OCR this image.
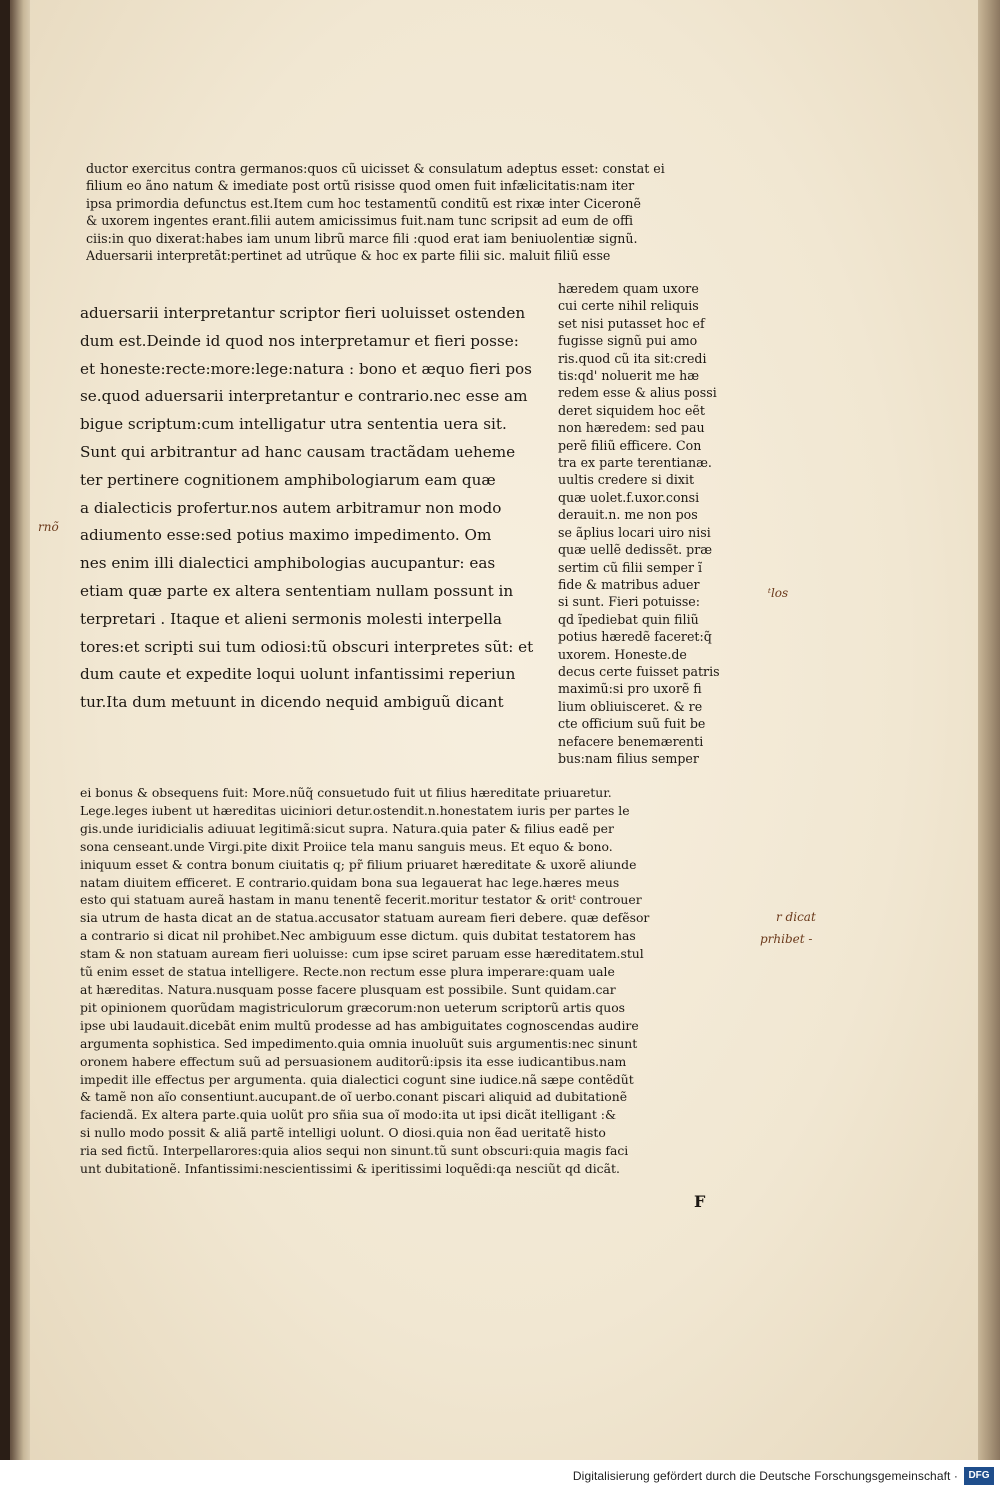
ductor exercitus contra germanos:quos cũ uicisset & consulatum adeptus esset: constat ei
filium eo ãno natum & imediate post ortũ risisse quod omen fuit infælicitatis:nam iter
ipsa primordia defunctus est.Item cum hoc testamentũ conditũ est rixæ inter Ciceronẽ
& uxorem ingentes erant.filii autem amicissimus fuit.nam tunc scripsit ad eum de offi
ciis:in quo dixerat:habes iam unum librũ marce fili :quod erat iam beniuolentiæ signũ.
Aduersarii interpretãt:pertinet ad utrũque & hoc ex parte filii sic. maluit filiũ esse
aduersarii interpretantur scriptor fieri uoluisset ostenden
dum est.Deinde id quod nos interpretamur et fieri posse:
et honeste:recte:more:lege:natura : bono et æquo fieri pos
se.quod aduersarii interpretantur e contrario.nec esse am
bigue scriptum:cum intelligatur utra sententia uera sit.
Sunt qui arbitrantur ad hanc causam tractãdam ueheme
ter pertinere cognitionem amphibologiarum eam quæ
a dialecticis profertur.nos autem arbitramur non modo
adiumento esse:sed potius maximo impedimento. Om
nes enim illi dialectici amphibologias aucupantur: eas
etiam quæ parte ex altera sententiam nullam possunt in
terpretari . Itaque et alieni sermonis molesti interpella
tores:et scripti sui tum odiosi:tũ obscuri interpretes sũt: et
dum caute et expedite loqui uolunt infantissimi reperiun
tur.Ita dum metuunt in dicendo nequid ambiguũ dicant
hæredem quam uxore
cui certe nihil reliquis
set nisi putasset hoc ef
fugisse signũ pui amo
ris.quod cũ ita sit:credi
tis:qd' noluerit me hæ
redem esse & alius possi
deret siquidem hoc eẽt
non hæredem: sed pau
perẽ filiũ efficere. Con
tra ex parte terentianæ.
uultis credere si dixit
quæ uolet.f.uxor.consi
derauit.n. me non pos
se ãplius locari uiro nisi
quæ uellẽ dedissẽt. præ
sertim cũ filii semper ĩ
fide & matribus aduer
si sunt. Fieri potuisse:
qd ĩpediebat quin filiũ
potius hæredẽ faceret:q̃
uxorem. Honeste.de
decus certe fuisset patris
maximũ:si pro uxorẽ fi
lium obliuisceret. & re
cte officium suũ fuit be
nefacere benemærenti
bus:nam filius semper
ei bonus & obsequens fuit: More.nũq̃ consuetudo fuit ut filius hæreditate priuaretur.
Lege.leges iubent ut hæreditas uiciniori detur.ostendit.n.honestatem iuris per partes le
gis.unde iuridicialis adiuuat legitimã:sicut supra. Natura.quia pater & filius eadẽ per
sona censeant.unde Virgi.pite dixit Proiice tela manu sanguis meus. Et equo & bono.
iniquum esset & contra bonum ciuitatis q; pr̃ filium priuaret hæreditate & uxorẽ aliunde
natam diuitem efficeret. E contrario.quidam bona sua legauerat hac lege.hæres meus
esto qui statuam aureã hastam in manu tenentẽ fecerit.moritur testator & oritᵗ controuer
sia utrum de hasta dicat an de statua.accusator statuam auream fieri debere. quæ defẽsor
a contrario si dicat nil prohibet.Nec ambiguum esse dictum. quis dubitat testatorem has
stam & non statuam auream fieri uoluisse: cum ipse sciret paruam esse hæreditatem.stul
tũ enim esset de statua intelligere. Recte.non rectum esse plura imperare:quam uale
at hæreditas. Natura.nusquam posse facere plusquam est possibile. Sunt quidam.car
pit opinionem quorũdam magistriculorum græcorum:non ueterum scriptorũ artis quos
ipse ubi laudauit.dicebãt enim multũ prodesse ad has ambiguitates cognoscendas audire
argumenta sophistica. Sed impedimento.quia omnia inuoluũt suis argumentis:nec sinunt
oronem habere effectum suũ ad persuasionem auditorũ:ipsis ita esse iudicantibus.nam
impedit ille effectus per argumenta. quia dialectici cogunt sine iudice.nã sæpe contẽdũt
& tamẽ non aĩo consentiunt.aucupant.de oĩ uerbo.conant piscari aliquid ad dubitationẽ
faciendã. Ex altera parte.quia uolũt pro sñia sua oĩ modo:ita ut ipsi dicãt itelligant :&
si nullo modo possit & aliã partẽ intelligi uolunt. O diosi.quia non ẽad ueritatẽ histo
ria sed fictũ. Interpellarores:quia alios sequi non sinunt.tũ sunt obscuri:quia magis faci
unt dubitationẽ. Infantissimi:nescientissimi & iperitissimi loquẽdi:qa nesciũt qd dicãt.
rnõ
ᵗlos
r dicat
prhibet -
F
Digitalisierung gefördert durch die Deutsche Forschungsgemeinschaft ·	DFG
